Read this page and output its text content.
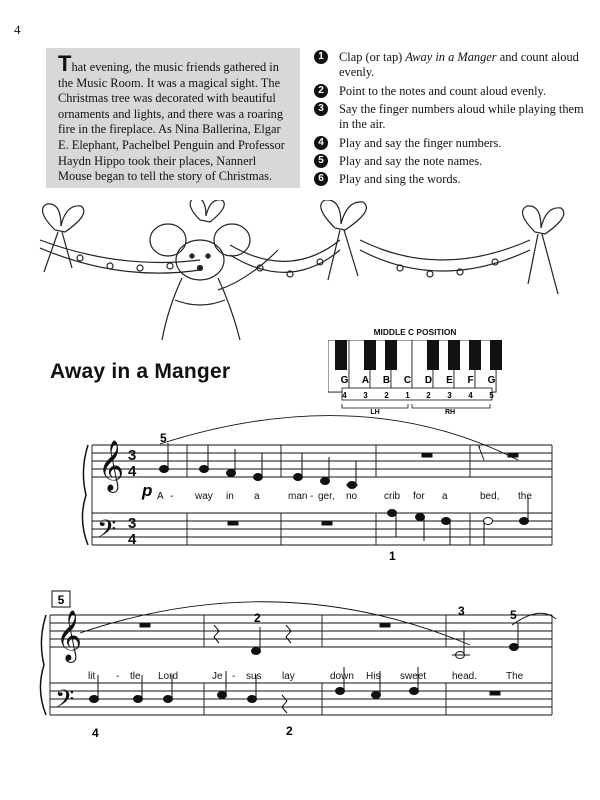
4
That evening, the music friends gathered in the Music Room. It was a magical sight. The Christmas tree was decorated with beautiful ornaments and lights, and there was a roaring fire in the fireplace. As Nina Ballerina, Elgar E. Elephant, Pachelbel Penguin and Professor Haydn Hippo took their places, Nannerl Mouse began to tell the story of Christmas.
1	Clap (or tap) Away in a Manger and count aloud evenly.
2	Point to the notes and count aloud evenly.
3	Say the finger numbers aloud while playing them in the air.
4	Play and say the finger numbers.
5	Play and say the note names.
6	Play and sing the words.
Away in a Manger
MIDDLE C POSITION
G A B C D E F G
4 3 2 1 2 3 4 5
LH	RH
𝄞
𝄢
3
4
3
4
5
1
p A - way in a	man - ger, no	crib for a	bed, the
5
𝄞
𝄢
2	3	5
4	2
lit - tle Lord	Je - sus lay	down His sweet	head.	The
